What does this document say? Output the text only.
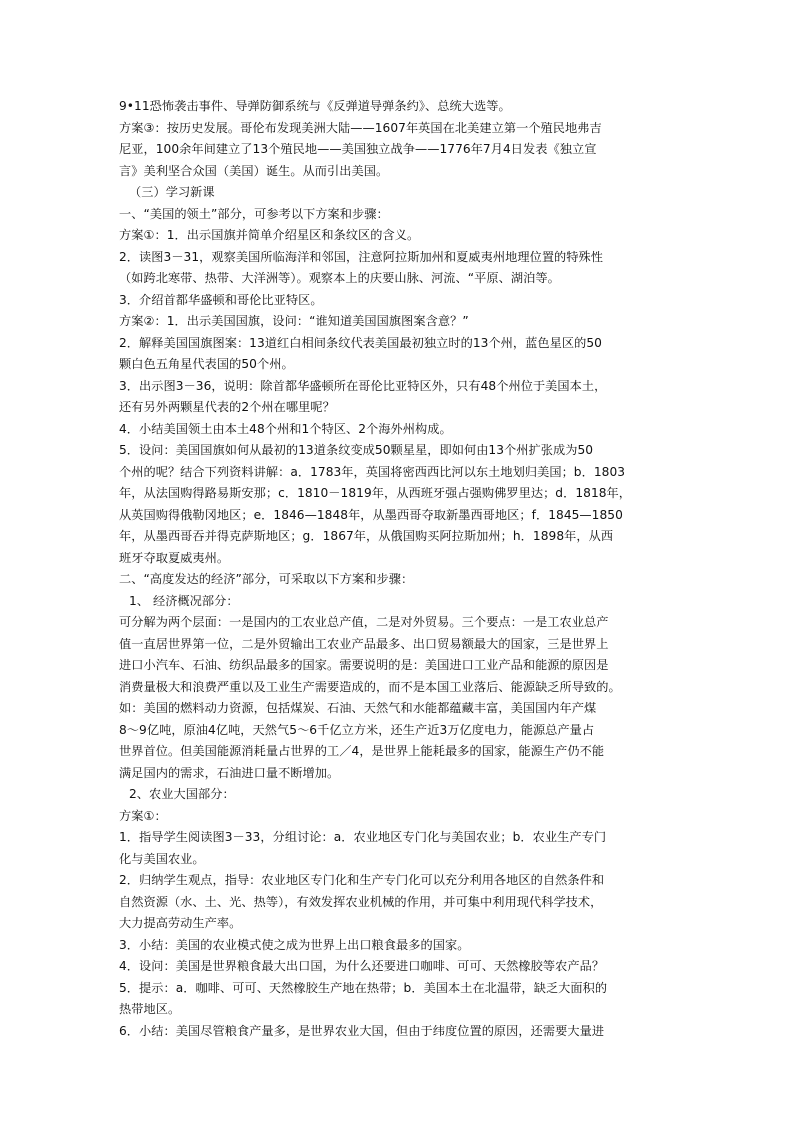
9•11恐怖袭击事件、导弹防御系统与《反弹道导弹条约》、总统大选等。

方案③：按历史发展。哥伦布发现美洲大陆——1607年英国在北美建立第一个殖民地弗吉

尼亚，100余年间建立了13个殖民地——美国独立战争——1776年7月4日发表《独立宣

言》美利坚合众国（美国）诞生。从而引出美国。

（三）学习新课

一、“美国的领土”部分，可参考以下方案和步骤：

方案①：1．出示国旗并简单介绍星区和条纹区的含义。

2．读图3－31，观察美国所临海洋和邻国，注意阿拉斯加州和夏威夷州地理位置的特殊性

（如跨北寒带、热带、大洋洲等）。观察本上的庆要山脉、河流、“平原、湖泊等。

3．介绍首都华盛顿和哥伦比亚特区。

方案②：1．出示美国国旗，设问：“谁知道美国国旗图案含意？”

2．解释美国国旗图案：13道红白相间条纹代表美国最初独立时的13个州，蓝色星区的50

颗白色五角星代表国的50个州。

3．出示图3－36，说明：除首都华盛顿所在哥伦比亚特区外，只有48个州位于美国本土，

还有另外两颗星代表的2个州在哪里呢？

4．小结美国领土由本土48个州和1个特区、2个海外州构成。

5．设问：美国国旗如何从最初的13道条纹变成50颗星星，即如何由13个州扩张成为50

个州的呢？结合下列资料讲解：a．1783年，英国将密西西比河以东土地划归美国；b．1803

年，从法国购得路易斯安那；c．1810－1819年，从西班牙强占强购佛罗里达；d．1818年，

从英国购得俄勒冈地区；e．1846—1848年，从墨西哥夺取新墨西哥地区；f．1845—1850

年，从墨西哥吞并得克萨斯地区；g．1867年，从俄国购买阿拉斯加州；h．1898年，从西

班牙夺取夏威夷州。

二、“高度发达的经济”部分，可采取以下方案和步骤：

1、 经济概况部分：

可分解为两个层面：一是国内的工农业总产值，二是对外贸易。三个要点：一是工农业总产

值一直居世界第一位，二是外贸输出工农业产品最多、出口贸易额最大的国家，三是世界上

进口小汽车、石油、纺织品最多的国家。需要说明的是：美国进口工业产品和能源的原因是

消费量极大和浪费严重以及工业生产需要造成的，而不是本国工业落后、能源缺乏所导致的。

如：美国的燃料动力资源，包括煤炭、石油、天然气和水能都蕴藏丰富，美国国内年产煤

8～9亿吨，原油4亿吨，天然气5～6千亿立方米，还生产近3万亿度电力，能源总产量占

世界首位。但美国能源消耗量占世界的工／4，是世界上能耗最多的国家，能源生产仍不能

满足国内的需求，石油进口量不断增加。

2、农业大国部分：

方案①：

1．指导学生阅读图3－33，分组讨论：a．农业地区专门化与美国农业；b．农业生产专门

化与美国农业。

2．归纳学生观点，指导：农业地区专门化和生产专门化可以充分利用各地区的自然条件和

自然资源（水、土、光、热等），有效发挥农业机械的作用，并可集中利用现代科学技术，

大力提高劳动生产率。

3．小结：美国的农业模式使之成为世界上出口粮食最多的国家。

4．设问：美国是世界粮食最大出口国，为什么还要进口咖啡、可可、天然橡胶等农产品？

5．提示：a．咖啡、可可、天然橡胶生产地在热带；b．美国本土在北温带，缺乏大面积的

热带地区。

6．小结：美国尽管粮食产量多，是世界农业大国，但由于纬度位置的原因，还需要大量进
